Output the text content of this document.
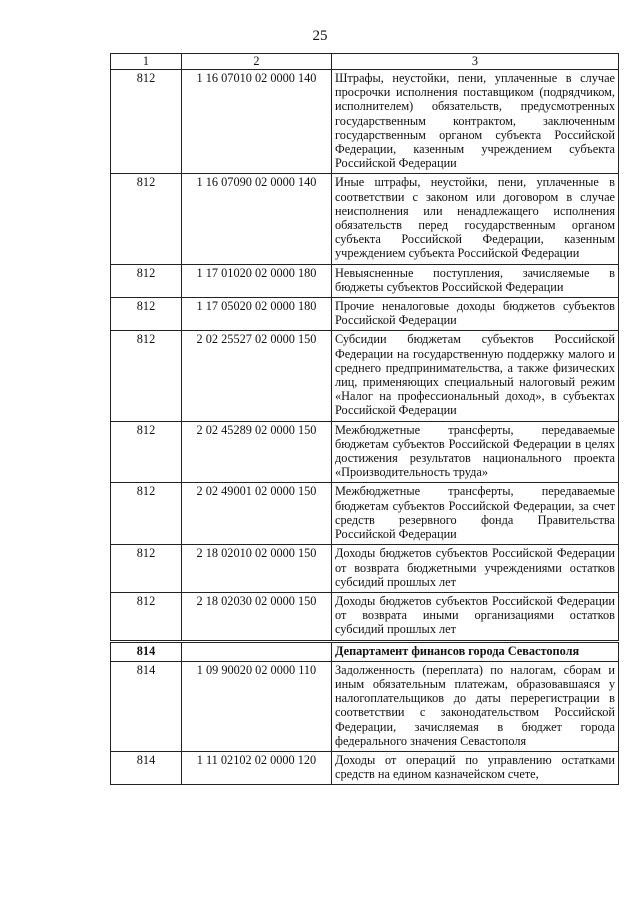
25
1	2	3
812	1 16 07010 02 0000 140	Штрафы, неустойки, пени, уплаченные в случае просрочки исполнения поставщиком (подрядчиком, исполнителем) обязательств, предусмотренных государственным контрактом, заключенным государственным органом субъекта Российской Федерации, казенным учреждением субъекта Российской Федерации
812	1 16 07090 02 0000 140	Иные штрафы, неустойки, пени, уплаченные в соответствии с законом или договором в случае неисполнения или ненадлежащего исполнения обязательств перед государственным органом субъекта Российской Федерации, казенным учреждением субъекта Российской Федерации
812	1 17 01020 02 0000 180	Невыясненные поступления, зачисляемые в бюджеты субъектов Российской Федерации
812	1 17 05020 02 0000 180	Прочие неналоговые доходы бюджетов субъектов Российской Федерации
812	2 02 25527 02 0000 150	Субсидии бюджетам субъектов Российской Федерации на государственную поддержку малого и среднего предпринимательства, а также физических лиц, применяющих специальный налоговый режим «Налог на профессиональный доход», в субъектах Российской Федерации
812	2 02 45289 02 0000 150	Межбюджетные трансферты, передаваемые бюджетам субъектов Российской Федерации в целях достижения результатов национального проекта «Производительность труда»
812	2 02 49001 02 0000 150	Межбюджетные трансферты, передаваемые бюджетам субъектов Российской Федерации, за счет средств резервного фонда Правительства Российской Федерации
812	2 18 02010 02 0000 150	Доходы бюджетов субъектов Российской Федерации от возврата бюджетными учреждениями остатков субсидий прошлых лет
812	2 18 02030 02 0000 150	Доходы бюджетов субъектов Российской Федерации от возврата иными организациями остатков субсидий прошлых лет
814		Департамент финансов города Севастополя
814	1 09 90020 02 0000 110	Задолженность (переплата) по налогам, сборам и иным обязательным платежам, образовавшаяся у налогоплательщиков до даты перерегистрации в соответствии с законодательством Российской Федерации, зачисляемая в бюджет города федерального значения Севастополя
814	1 11 02102 02 0000 120	Доходы от операций по управлению остатками средств на едином казначейском счете,
